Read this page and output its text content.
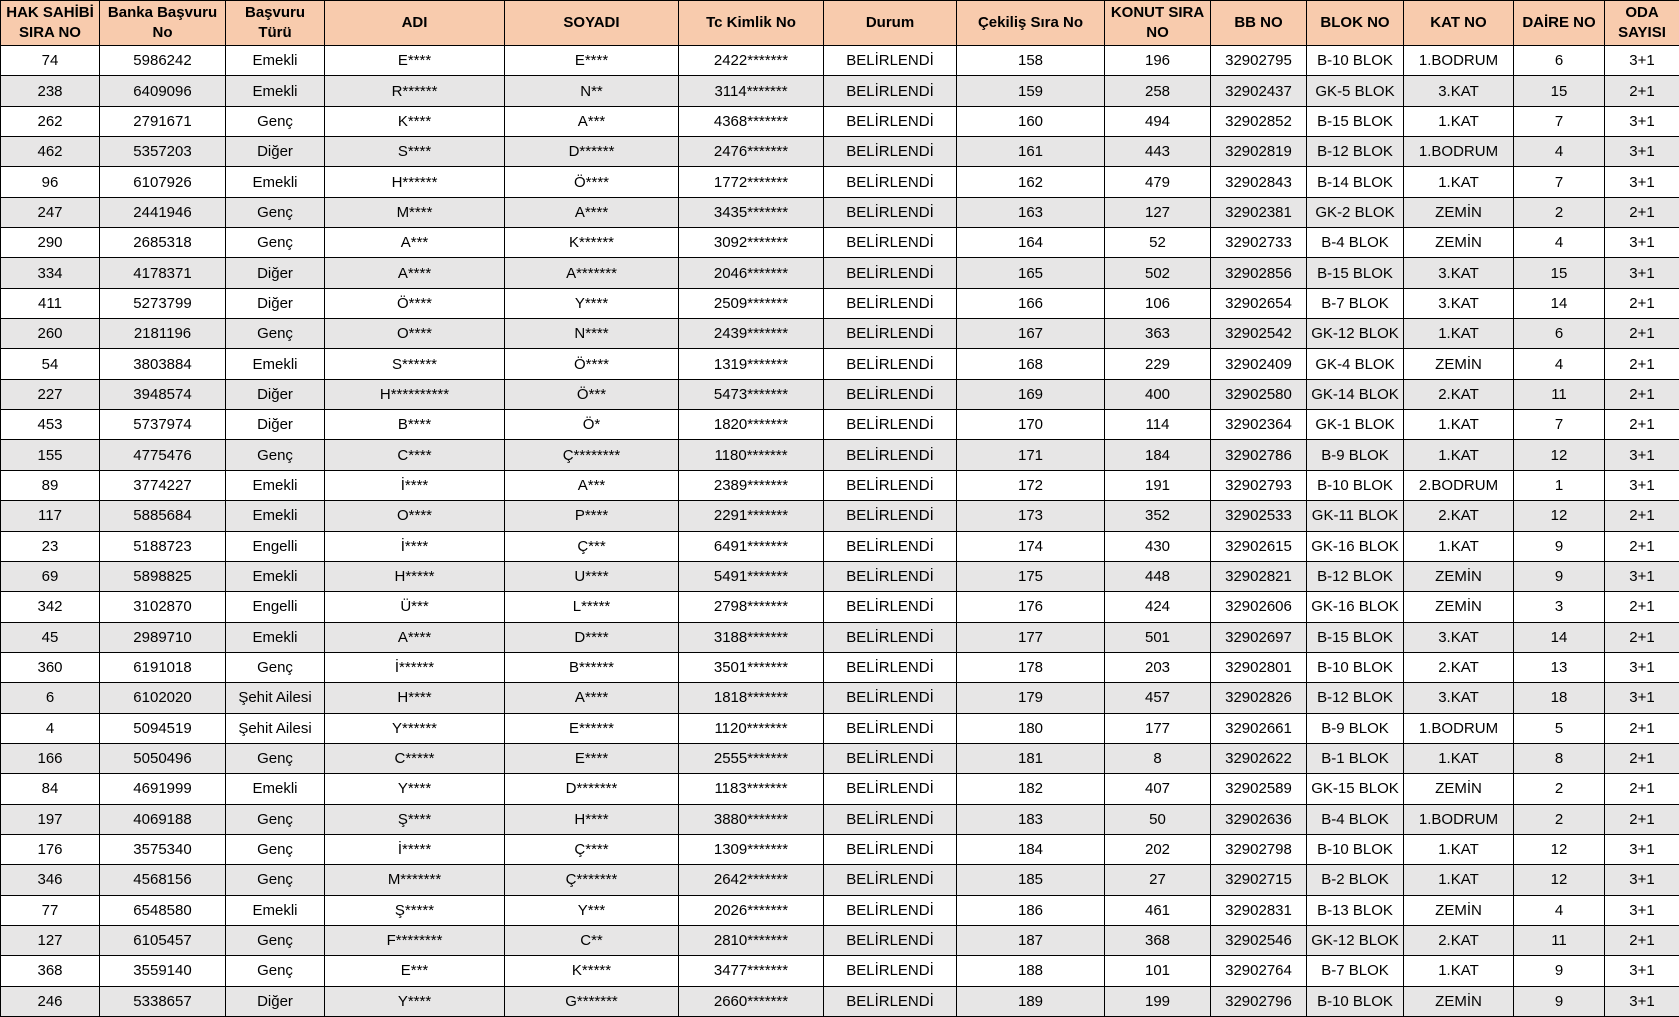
HAK SAHİBİ SIRA NO	Banka Başvuru No	Başvuru Türü	ADI	SOYADI	Tc Kimlik No	Durum	Çekiliş Sıra No	KONUT SIRA NO	BB NO	BLOK NO	KAT NO	DAİRE NO	ODA SAYISI
74	5986242	Emekli	E****	E****	2422*******	BELİRLENDİ	158	196	32902795	B-10 BLOK	1.BODRUM	6	3+1
238	6409096	Emekli	R******	N**	3114*******	BELİRLENDİ	159	258	32902437	GK-5 BLOK	3.KAT	15	2+1
262	2791671	Genç	K****	A***	4368*******	BELİRLENDİ	160	494	32902852	B-15 BLOK	1.KAT	7	3+1
462	5357203	Diğer	S****	D******	2476*******	BELİRLENDİ	161	443	32902819	B-12 BLOK	1.BODRUM	4	3+1
96	6107926	Emekli	H******	Ö****	1772*******	BELİRLENDİ	162	479	32902843	B-14 BLOK	1.KAT	7	3+1
247	2441946	Genç	M****	A****	3435*******	BELİRLENDİ	163	127	32902381	GK-2 BLOK	ZEMİN	2	2+1
290	2685318	Genç	A***	K******	3092*******	BELİRLENDİ	164	52	32902733	B-4 BLOK	ZEMİN	4	3+1
334	4178371	Diğer	A****	A*******	2046*******	BELİRLENDİ	165	502	32902856	B-15 BLOK	3.KAT	15	3+1
411	5273799	Diğer	Ö****	Y****	2509*******	BELİRLENDİ	166	106	32902654	B-7 BLOK	3.KAT	14	2+1
260	2181196	Genç	O****	N****	2439*******	BELİRLENDİ	167	363	32902542	GK-12 BLOK	1.KAT	6	2+1
54	3803884	Emekli	S******	Ö****	1319*******	BELİRLENDİ	168	229	32902409	GK-4 BLOK	ZEMİN	4	2+1
227	3948574	Diğer	H**********	Ö***	5473*******	BELİRLENDİ	169	400	32902580	GK-14 BLOK	2.KAT	11	2+1
453	5737974	Diğer	B****	Ö*	1820*******	BELİRLENDİ	170	114	32902364	GK-1 BLOK	1.KAT	7	2+1
155	4775476	Genç	C****	Ç********	1180*******	BELİRLENDİ	171	184	32902786	B-9 BLOK	1.KAT	12	3+1
89	3774227	Emekli	İ****	A***	2389*******	BELİRLENDİ	172	191	32902793	B-10 BLOK	2.BODRUM	1	3+1
117	5885684	Emekli	O****	P****	2291*******	BELİRLENDİ	173	352	32902533	GK-11 BLOK	2.KAT	12	2+1
23	5188723	Engelli	İ****	Ç***	6491*******	BELİRLENDİ	174	430	32902615	GK-16 BLOK	1.KAT	9	2+1
69	5898825	Emekli	H*****	U****	5491*******	BELİRLENDİ	175	448	32902821	B-12 BLOK	ZEMİN	9	3+1
342	3102870	Engelli	Ü***	L*****	2798*******	BELİRLENDİ	176	424	32902606	GK-16 BLOK	ZEMİN	3	2+1
45	2989710	Emekli	A****	D****	3188*******	BELİRLENDİ	177	501	32902697	B-15 BLOK	3.KAT	14	2+1
360	6191018	Genç	İ******	B******	3501*******	BELİRLENDİ	178	203	32902801	B-10 BLOK	2.KAT	13	3+1
6	6102020	Şehit Ailesi	H****	A****	1818*******	BELİRLENDİ	179	457	32902826	B-12 BLOK	3.KAT	18	3+1
4	5094519	Şehit Ailesi	Y******	E******	1120*******	BELİRLENDİ	180	177	32902661	B-9 BLOK	1.BODRUM	5	2+1
166	5050496	Genç	C*****	E****	2555*******	BELİRLENDİ	181	8	32902622	B-1 BLOK	1.KAT	8	2+1
84	4691999	Emekli	Y****	D*******	1183*******	BELİRLENDİ	182	407	32902589	GK-15 BLOK	ZEMİN	2	2+1
197	4069188	Genç	Ş****	H****	3880*******	BELİRLENDİ	183	50	32902636	B-4 BLOK	1.BODRUM	2	2+1
176	3575340	Genç	İ*****	Ç****	1309*******	BELİRLENDİ	184	202	32902798	B-10 BLOK	1.KAT	12	3+1
346	4568156	Genç	M*******	Ç*******	2642*******	BELİRLENDİ	185	27	32902715	B-2 BLOK	1.KAT	12	3+1
77	6548580	Emekli	Ş*****	Y***	2026*******	BELİRLENDİ	186	461	32902831	B-13 BLOK	ZEMİN	4	3+1
127	6105457	Genç	F********	C**	2810*******	BELİRLENDİ	187	368	32902546	GK-12 BLOK	2.KAT	11	2+1
368	3559140	Genç	E***	K*****	3477*******	BELİRLENDİ	188	101	32902764	B-7 BLOK	1.KAT	9	3+1
246	5338657	Diğer	Y****	G*******	2660*******	BELİRLENDİ	189	199	32902796	B-10 BLOK	ZEMİN	9	3+1
